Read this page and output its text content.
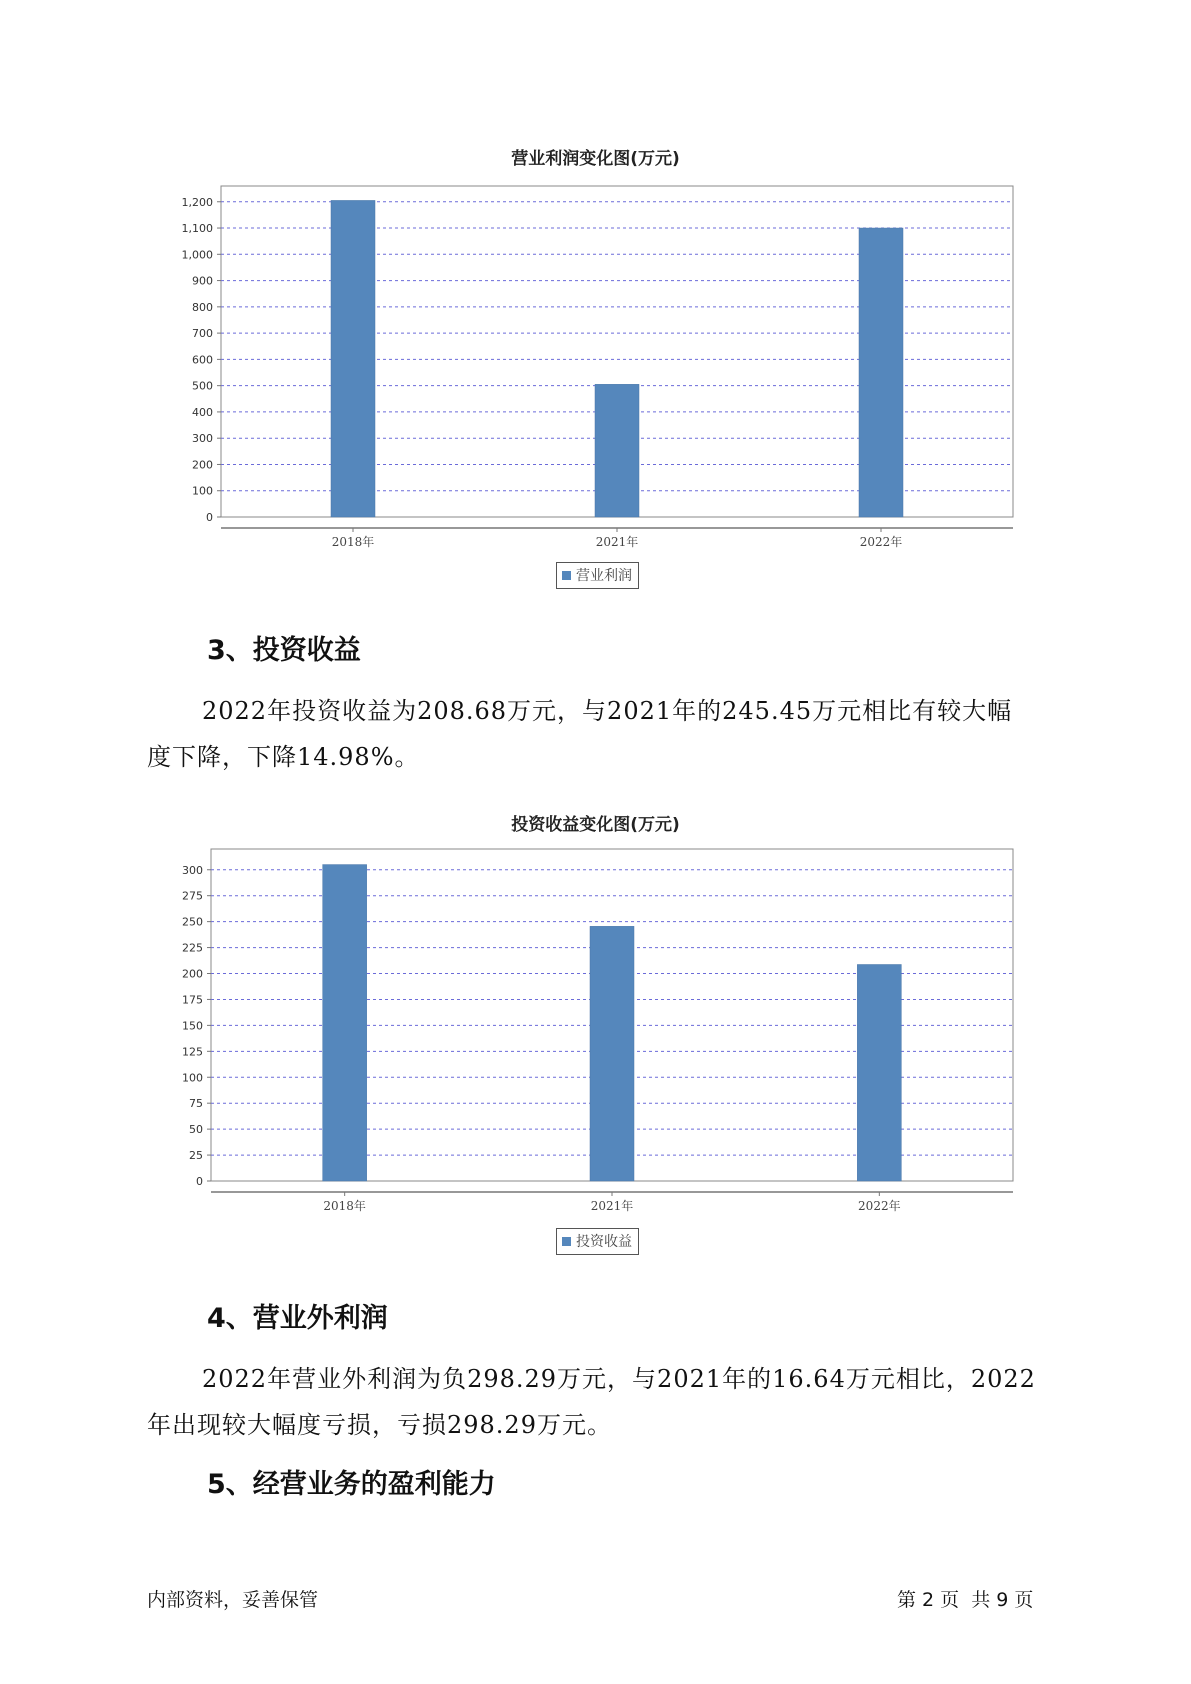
营业利润变化图(万元)
0
100
200
300
400
500
600
700
800
900
1,000
1,100
1,200
2018年	2021年	2022年
营业利润
3、投资收益
2022年投资收益为208.68万元，与2021年的245.45万元相比有较大幅
度下降，下降14.98%。
投资收益变化图(万元)
0
25
50
75
100
125
150
175
200
225
250
275
300
2018年	2021年	2022年
投资收益
4、营业外利润
2022年营业外利润为负298.29万元，与2021年的16.64万元相比，2022
年出现较大幅度亏损，亏损298.29万元。
5、经营业务的盈利能力
内部资料，妥善保管	第 2 页  共 9 页
